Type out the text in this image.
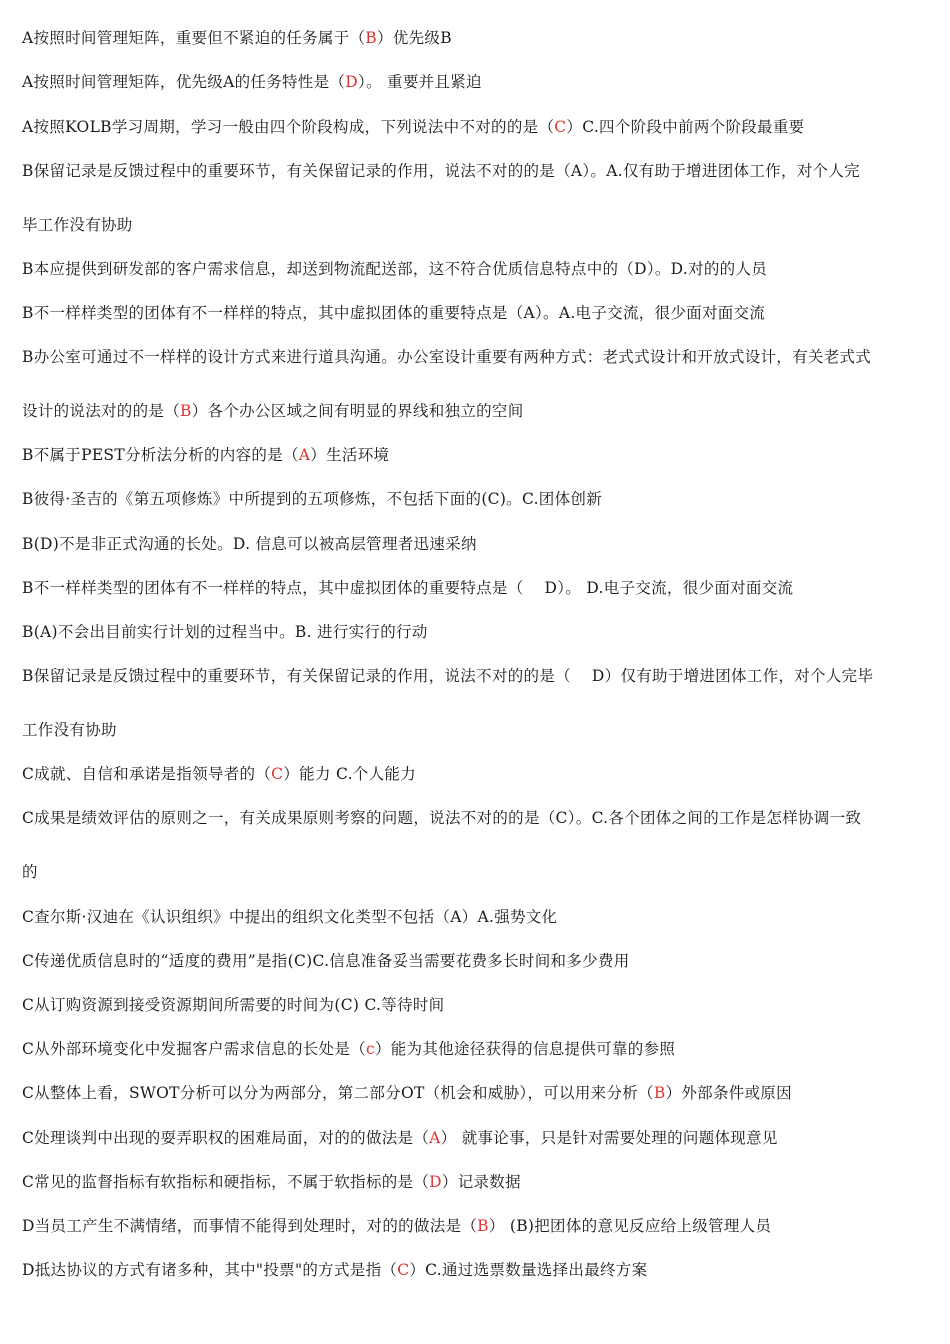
A按照时间管理矩阵，重要但不紧迫的任务属于（B）优先级B
A按照时间管理矩阵，优先级A的任务特性是（D）。 重要并且紧迫
A按照KOLB学习周期，学习一般由四个阶段构成，下列说法中不对的的是（C）C.四个阶段中前两个阶段最重要
B保留记录是反馈过程中的重要环节，有关保留记录的作用，说法不对的的是（A）。A.仅有助于增进团体工作，对个人完
毕工作没有协助
B本应提供到研发部的客户需求信息，却送到物流配送部，这不符合优质信息特点中的（D）。D.对的的人员
B不一样样类型的团体有不一样样的特点，其中虚拟团体的重要特点是（A）。A.电子交流，很少面对面交流
B办公室可通过不一样样的设计方式来进行道具沟通。办公室设计重要有两种方式：老式式设计和开放式设计，有关老式式
设计的说法对的的是（B）各个办公区域之间有明显的界线和独立的空间
B不属于PEST分析法分析的内容的是（A）生活环境
B彼得·圣吉的《第五项修炼》中所提到的五项修炼，不包括下面的(C)。C.团体创新
B(D)不是非正式沟通的长处。D. 信息可以被高层管理者迅速采纳
B不一样样类型的团体有不一样样的特点，其中虚拟团体的重要特点是（　 D）。 D.电子交流，很少面对面交流
B(A)不会出目前实行计划的过程当中。B. 进行实行的行动
B保留记录是反馈过程中的重要环节，有关保留记录的作用，说法不对的的是（　 D）仅有助于增进团体工作，对个人完毕
工作没有协助
C成就、自信和承诺是指领导者的（C）能力 C.个人能力
C成果是绩效评估的原则之一，有关成果原则考察的问题，说法不对的的是（C）。C.各个团体之间的工作是怎样协调一致
的
C查尔斯·汉迪在《认识组织》中提出的组织文化类型不包括（A）A.强势文化
C传递优质信息时的“适度的费用”是指(C)C.信息准备妥当需要花费多长时间和多少费用
C从订购资源到接受资源期间所需要的时间为(C) C.等待时间
C从外部环境变化中发掘客户需求信息的长处是（c）能为其他途径获得的信息提供可靠的参照
C从整体上看，SWOT分析可以分为两部分，第二部分OT（机会和威胁），可以用来分析（B）外部条件或原因
C处理谈判中出现的耍弄职权的困难局面，对的的做法是（A） 就事论事，只是针对需要处理的问题体现意见
C常见的监督指标有软指标和硬指标，不属于软指标的是（D）记录数据
D当员工产生不满情绪，而事情不能得到处理时，对的的做法是（B） (B)把团体的意见反应给上级管理人员
D抵达协议的方式有诸多种，其中"投票"的方式是指（C）C.通过选票数量选择出最终方案
